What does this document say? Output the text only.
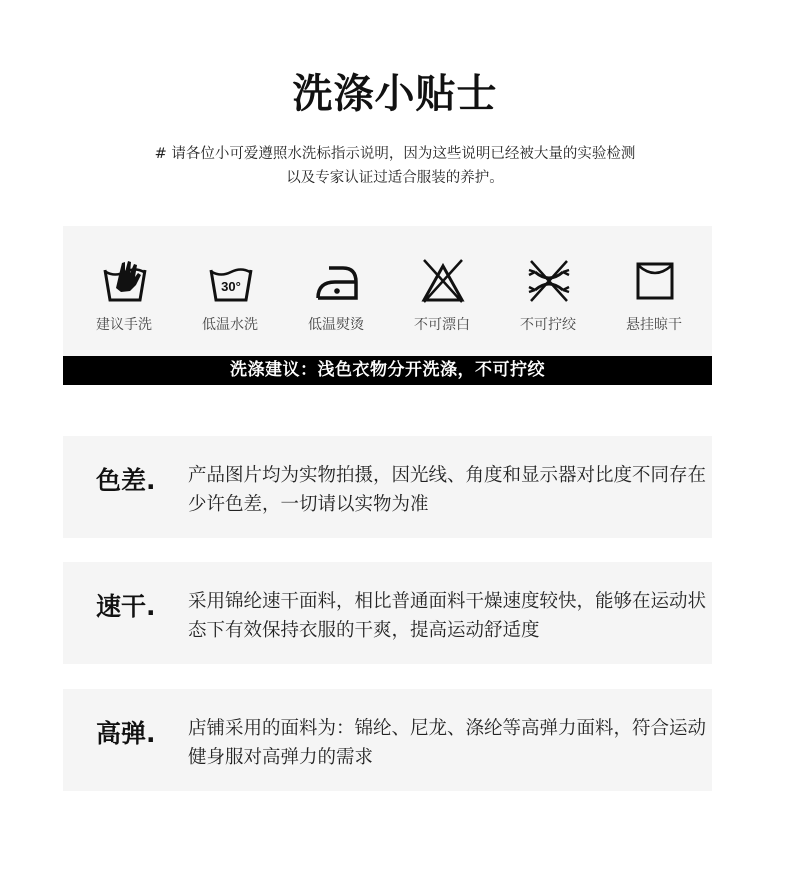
洗涤小贴士
# 请各位小可爱遵照水洗标指示说明，因为这些说明已经被大量的实验检测
以及专家认证过适合服装的养护。
建议手洗
30°
低温水洗	低温熨烫	不可漂白	不可拧绞	悬挂晾干
洗涤建议：浅色衣物分开洗涤，不可拧绞
色差. 产品图片均为实物拍摄，因光线、角度和显示器对比度不同存在少许色差，一切请以实物为准
速干. 采用锦纶速干面料，相比普通面料干燥速度较快，能够在运动状态下有效保持衣服的干爽，提高运动舒适度
高弹. 店铺采用的面料为：锦纶、尼龙、涤纶等高弹力面料，符合运动健身服对高弹力的需求
